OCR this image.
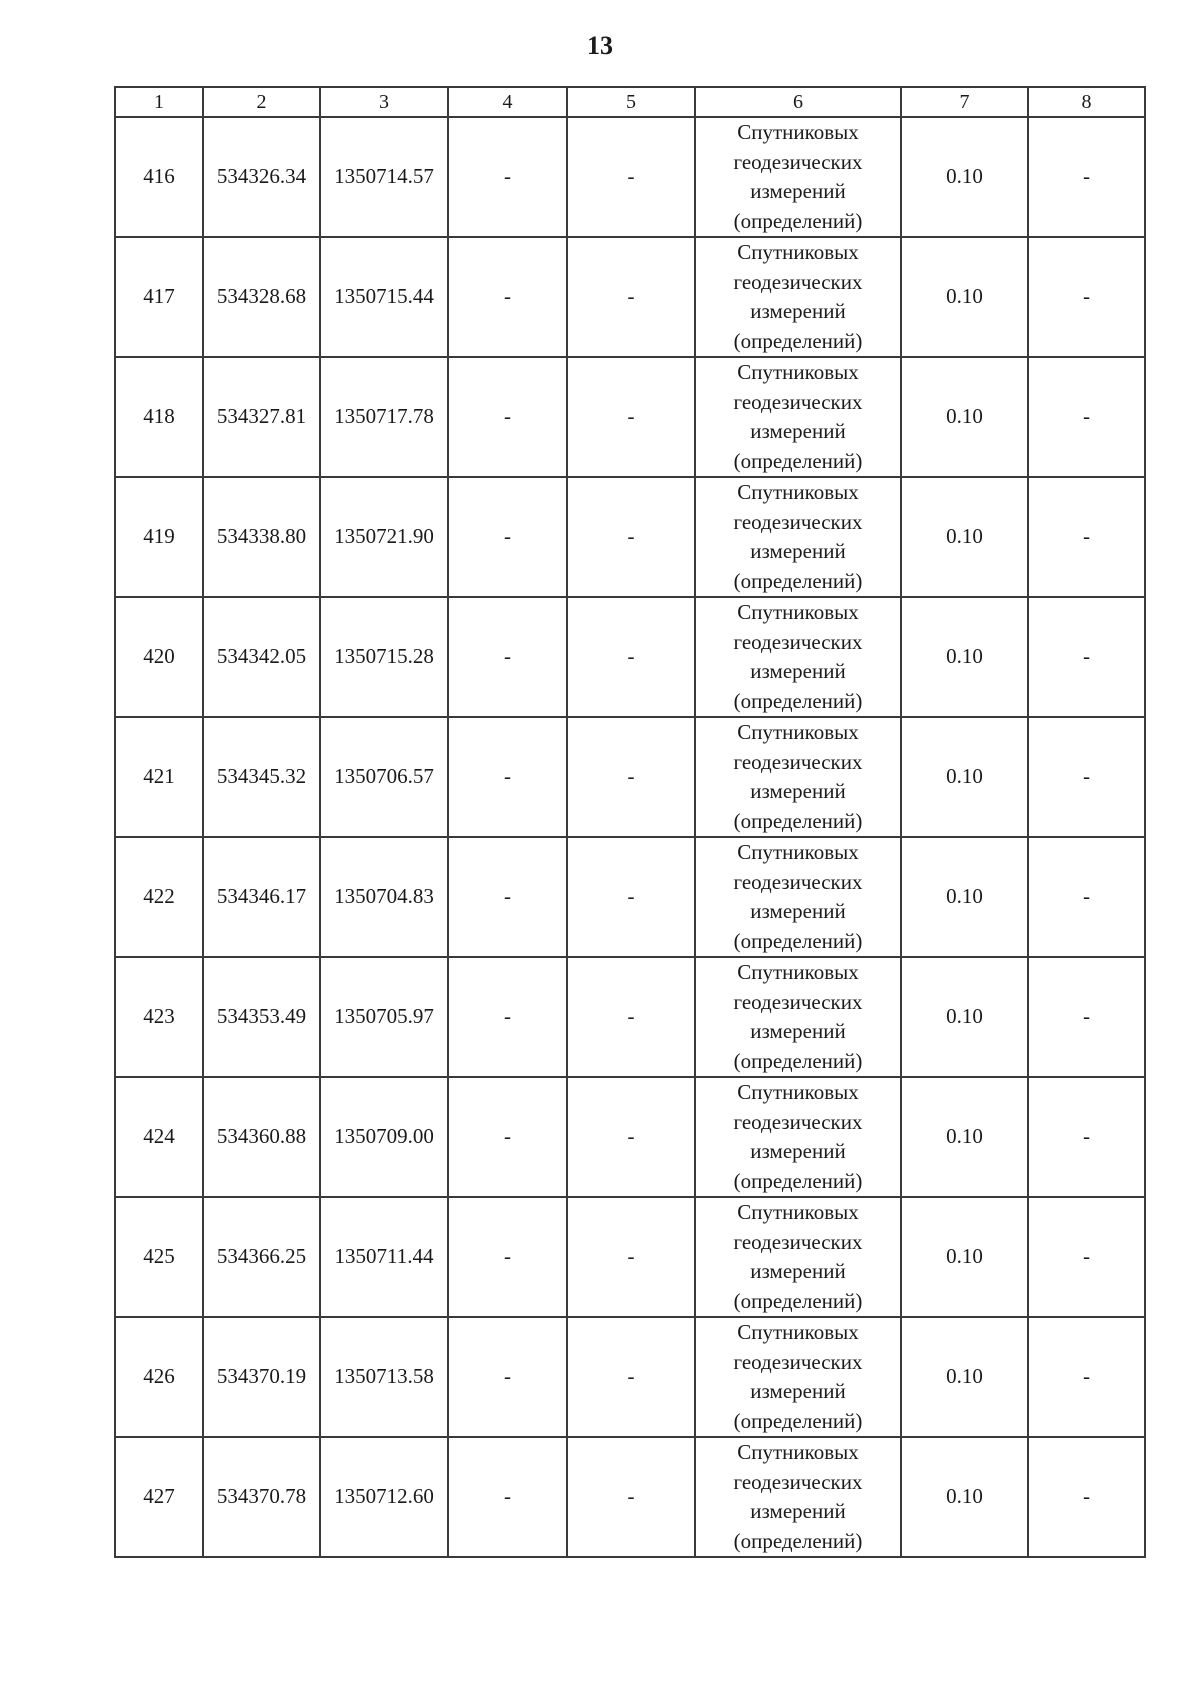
13
1	2	3	4	5	6	7	8
416	534326.34	1350714.57	-	-	Спутниковых
геодезических
измерений
(определений)	0.10	-
417	534328.68	1350715.44	-	-	Спутниковых
геодезических
измерений
(определений)	0.10	-
418	534327.81	1350717.78	-	-	Спутниковых
геодезических
измерений
(определений)	0.10	-
419	534338.80	1350721.90	-	-	Спутниковых
геодезических
измерений
(определений)	0.10	-
420	534342.05	1350715.28	-	-	Спутниковых
геодезических
измерений
(определений)	0.10	-
421	534345.32	1350706.57	-	-	Спутниковых
геодезических
измерений
(определений)	0.10	-
422	534346.17	1350704.83	-	-	Спутниковых
геодезических
измерений
(определений)	0.10	-
423	534353.49	1350705.97	-	-	Спутниковых
геодезических
измерений
(определений)	0.10	-
424	534360.88	1350709.00	-	-	Спутниковых
геодезических
измерений
(определений)	0.10	-
425	534366.25	1350711.44	-	-	Спутниковых
геодезических
измерений
(определений)	0.10	-
426	534370.19	1350713.58	-	-	Спутниковых
геодезических
измерений
(определений)	0.10	-
427	534370.78	1350712.60	-	-	Спутниковых
геодезических
измерений
(определений)	0.10	-
